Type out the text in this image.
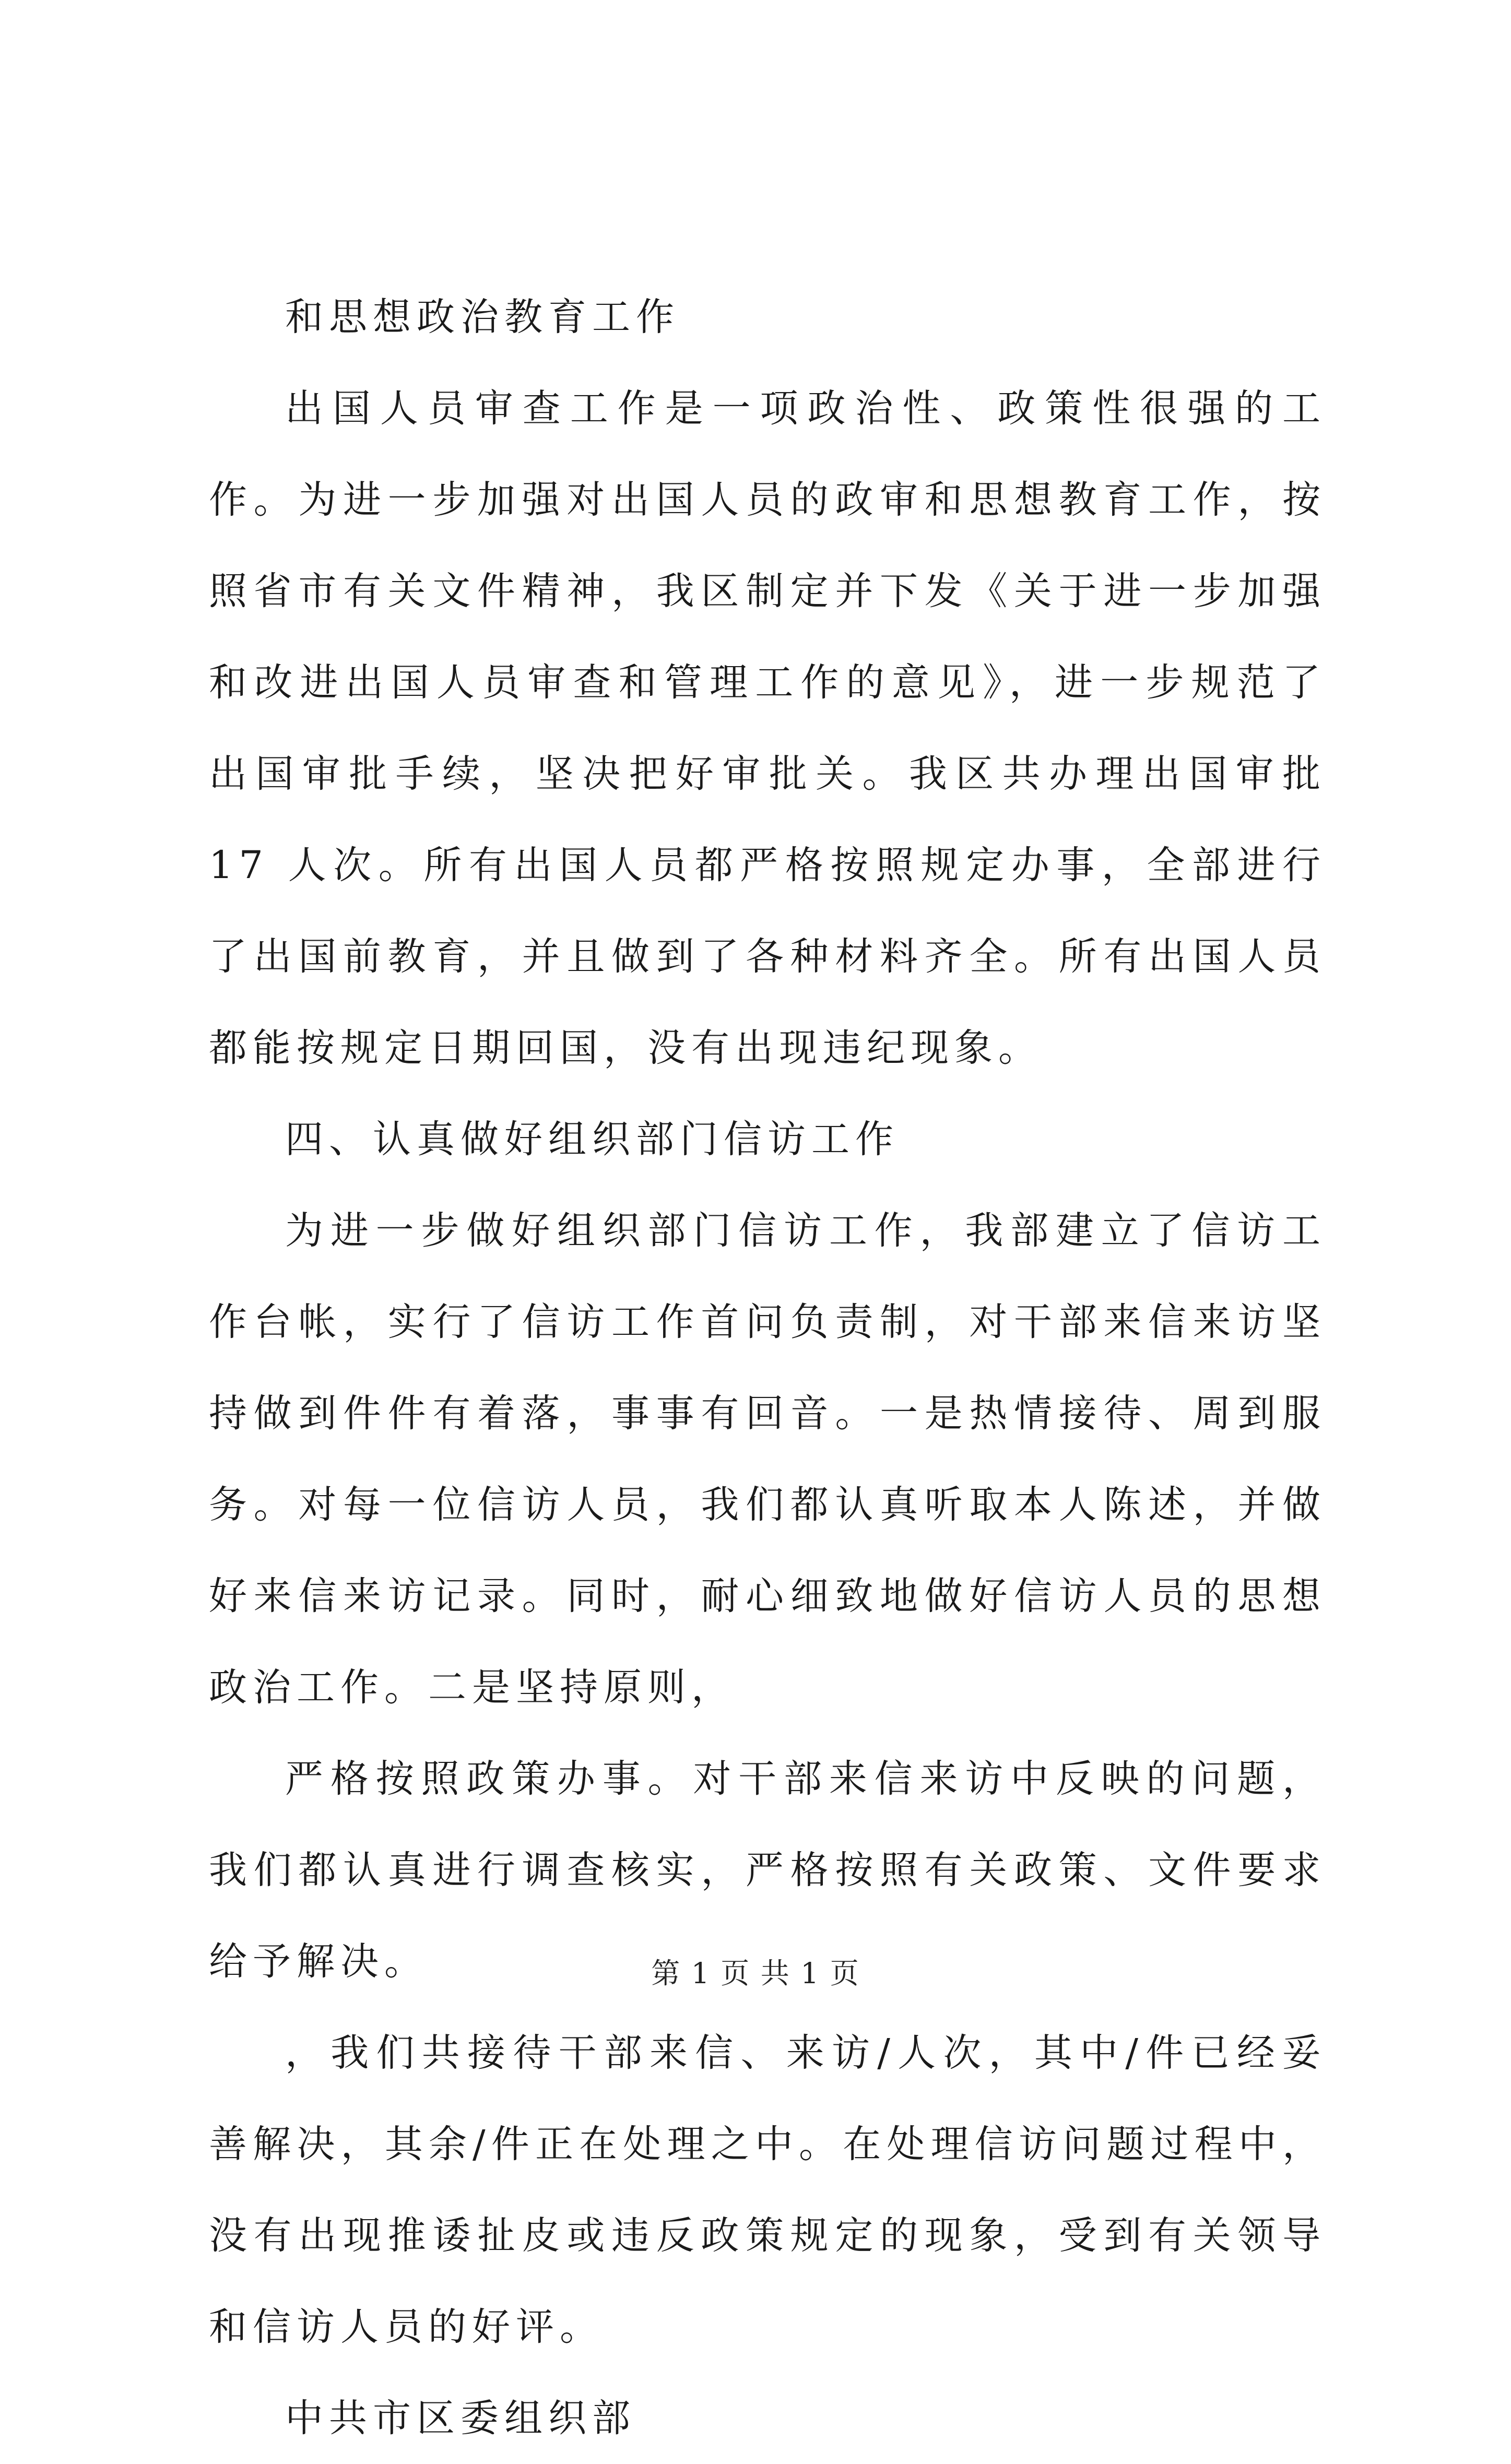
和思想政治教育工作

出国人员审查工作是一项政治性、政策性很强的工作。为进一步加强对出国人员的政审和思想教育工作，按照省市有关文件精神，我区制定并下发《关于进一步加强和改进出国人员审查和管理工作的意见》，进一步规范了出国审批手续，坚决把好审批关。我区共办理出国审批 17 人次。所有出国人员都严格按照规定办事，全部进行了出国前教育，并且做到了各种材料齐全。所有出国人员都能按规定日期回国，没有出现违纪现象。

四、认真做好组织部门信访工作

为进一步做好组织部门信访工作，我部建立了信访工作台帐，实行了信访工作首问负责制，对干部来信来访坚持做到件件有着落，事事有回音。一是热情接待、周到服务。对每一位信访人员，我们都认真听取本人陈述，并做好来信来访记录。同时，耐心细致地做好信访人员的思想政治工作。二是坚持原则，

严格按照政策办事。对干部来信来访中反映的问题，我们都认真进行调查核实，严格按照有关政策、文件要求给予解决。

，我们共接待干部来信、来访/人次，其中/件已经妥善解决，其余/件正在处理之中。在处理信访问题过程中，没有出现推诿扯皮或违反政策规定的现象，受到有关领导和信访人员的好评。

中共市区委组织部

第 1 页 共 1 页
